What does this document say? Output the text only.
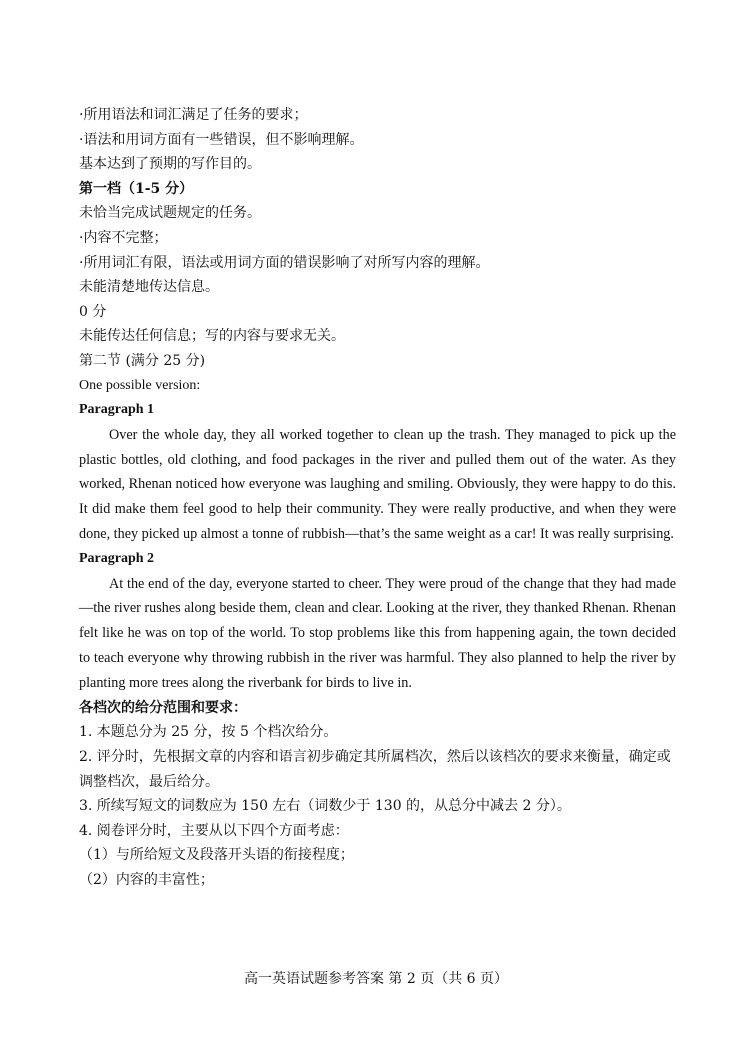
·所用语法和词汇满足了任务的要求；
·语法和用词方面有一些错误，但不影响理解。
基本达到了预期的写作目的。
第一档（1-5 分）
未恰当完成试题规定的任务。
·内容不完整；
·所用词汇有限，语法或用词方面的错误影响了对所写内容的理解。
未能清楚地传达信息。
0 分
未能传达任何信息；写的内容与要求无关。
第二节 (满分 25 分)
One possible version:
Paragraph 1
Over the whole day, they all worked together to clean up the trash. They managed to pick up the plastic bottles, old clothing, and food packages in the river and pulled them out of the water. As they worked, Rhenan noticed how everyone was laughing and smiling. Obviously, they were happy to do this. It did make them feel good to help their community. They were really productive, and when they were done, they picked up almost a tonne of rubbish—that’s the same weight as a car! It was really surprising.
Paragraph 2
At the end of the day, everyone started to cheer. They were proud of the change that they had made—the river rushes along beside them, clean and clear. Looking at the river, they thanked Rhenan. Rhenan felt like he was on top of the world. To stop problems like this from happening again, the town decided to teach everyone why throwing rubbish in the river was harmful. They also planned to help the river by planting more trees along the riverbank for birds to live in.
各档次的给分范围和要求：
1. 本题总分为 25 分，按 5 个档次给分。
2. 评分时，先根据文章的内容和语言初步确定其所属档次，然后以该档次的要求来衡量，确定或调整档次，最后给分。
3. 所续写短文的词数应为 150 左右（词数少于 130 的，从总分中减去 2 分）。
4. 阅卷评分时，主要从以下四个方面考虑：
（1）与所给短文及段落开头语的衔接程度；
（2）内容的丰富性；
高一英语试题参考答案 第 2 页（共 6 页）
